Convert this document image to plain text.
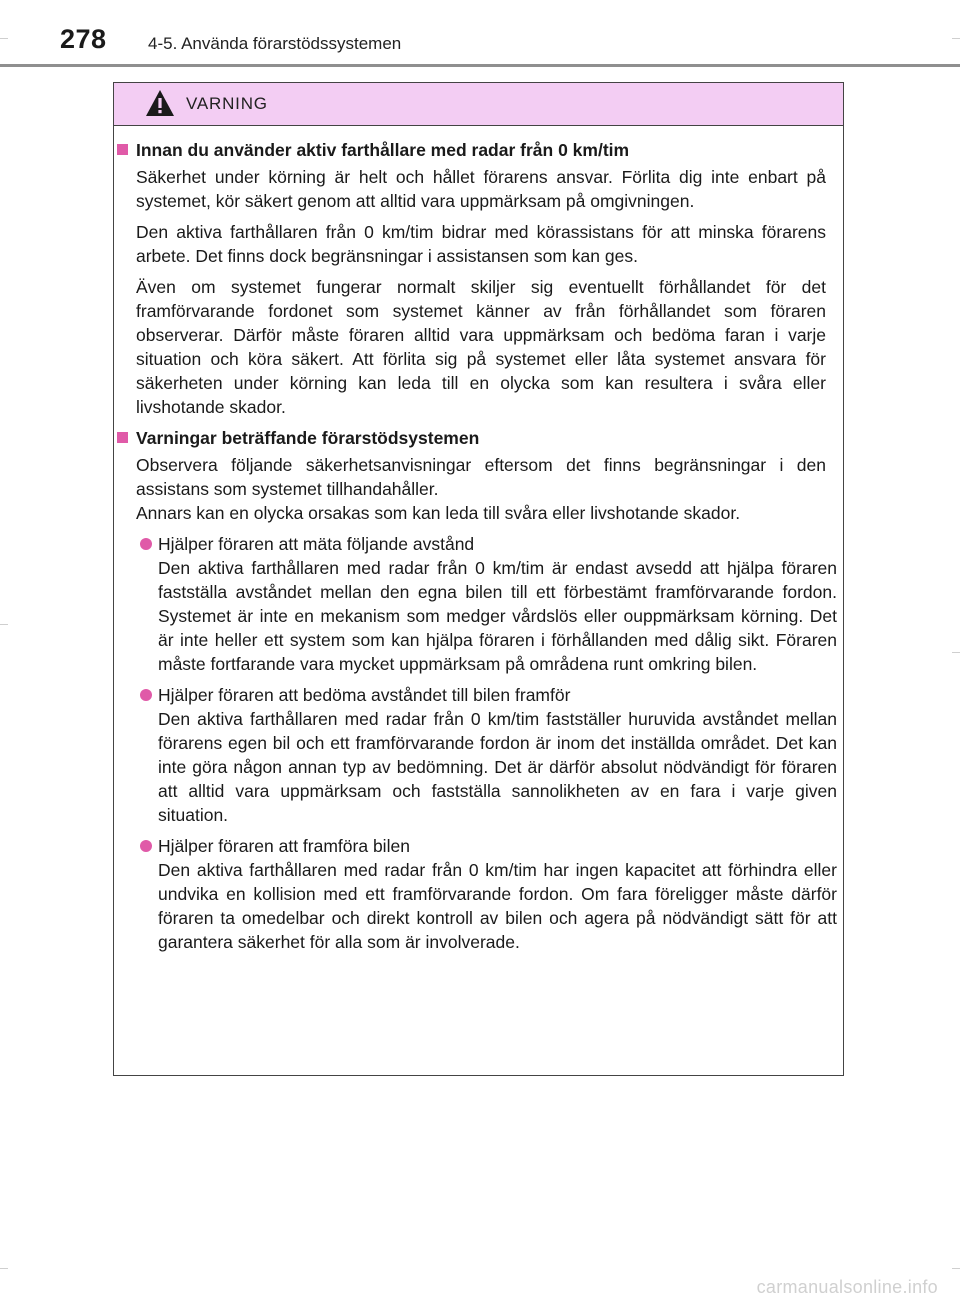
278 4-5. Använda förarstödssystemen
VARNING
Innan du använder aktiv farthållare med radar från 0 km/tim
Säkerhet under körning är helt och hållet förarens ansvar. Förlita dig inte enbart på systemet, kör säkert genom att alltid vara uppmärksam på omgivningen.
Den aktiva farthållaren från 0 km/tim bidrar med körassistans för att minska förarens arbete. Det finns dock begränsningar i assistansen som kan ges.
Även om systemet fungerar normalt skiljer sig eventuellt förhållandet för det framförvarande fordonet som systemet känner av från förhållandet som föraren observerar. Därför måste föraren alltid vara uppmärksam och bedöma faran i varje situation och köra säkert. Att förlita sig på systemet eller låta systemet ansvara för säkerheten under körning kan leda till en olycka som kan resultera i svåra eller livshotande skador.
Varningar beträffande förarstödsystemen
Observera följande säkerhetsanvisningar eftersom det finns begränsningar i den assistans som systemet tillhandahåller.
Annars kan en olycka orsakas som kan leda till svåra eller livshotande skador.
Hjälper föraren att mäta följande avstånd
Den aktiva farthållaren med radar från 0 km/tim är endast avsedd att hjälpa föraren fastställa avståndet mellan den egna bilen till ett förbestämt framförvarande fordon. Systemet är inte en mekanism som medger vårdslös eller ouppmärksam körning. Det är inte heller ett system som kan hjälpa föraren i förhållanden med dålig sikt. Föraren måste fortfarande vara mycket uppmärksam på områdena runt omkring bilen.
Hjälper föraren att bedöma avståndet till bilen framför
Den aktiva farthållaren med radar från 0 km/tim fastställer huruvida avståndet mellan förarens egen bil och ett framförvarande fordon är inom det inställda området. Det kan inte göra någon annan typ av bedömning. Det är därför absolut nödvändigt för föraren att alltid vara uppmärksam och fastställa sannolikheten av en fara i varje given situation.
Hjälper föraren att framföra bilen
Den aktiva farthållaren med radar från 0 km/tim har ingen kapacitet att förhindra eller undvika en kollision med ett framförvarande fordon. Om fara föreligger måste därför föraren ta omedelbar och direkt kontroll av bilen och agera på nödvändigt sätt för att garantera säkerhet för alla som är involverade.
carmanualsonline.info
